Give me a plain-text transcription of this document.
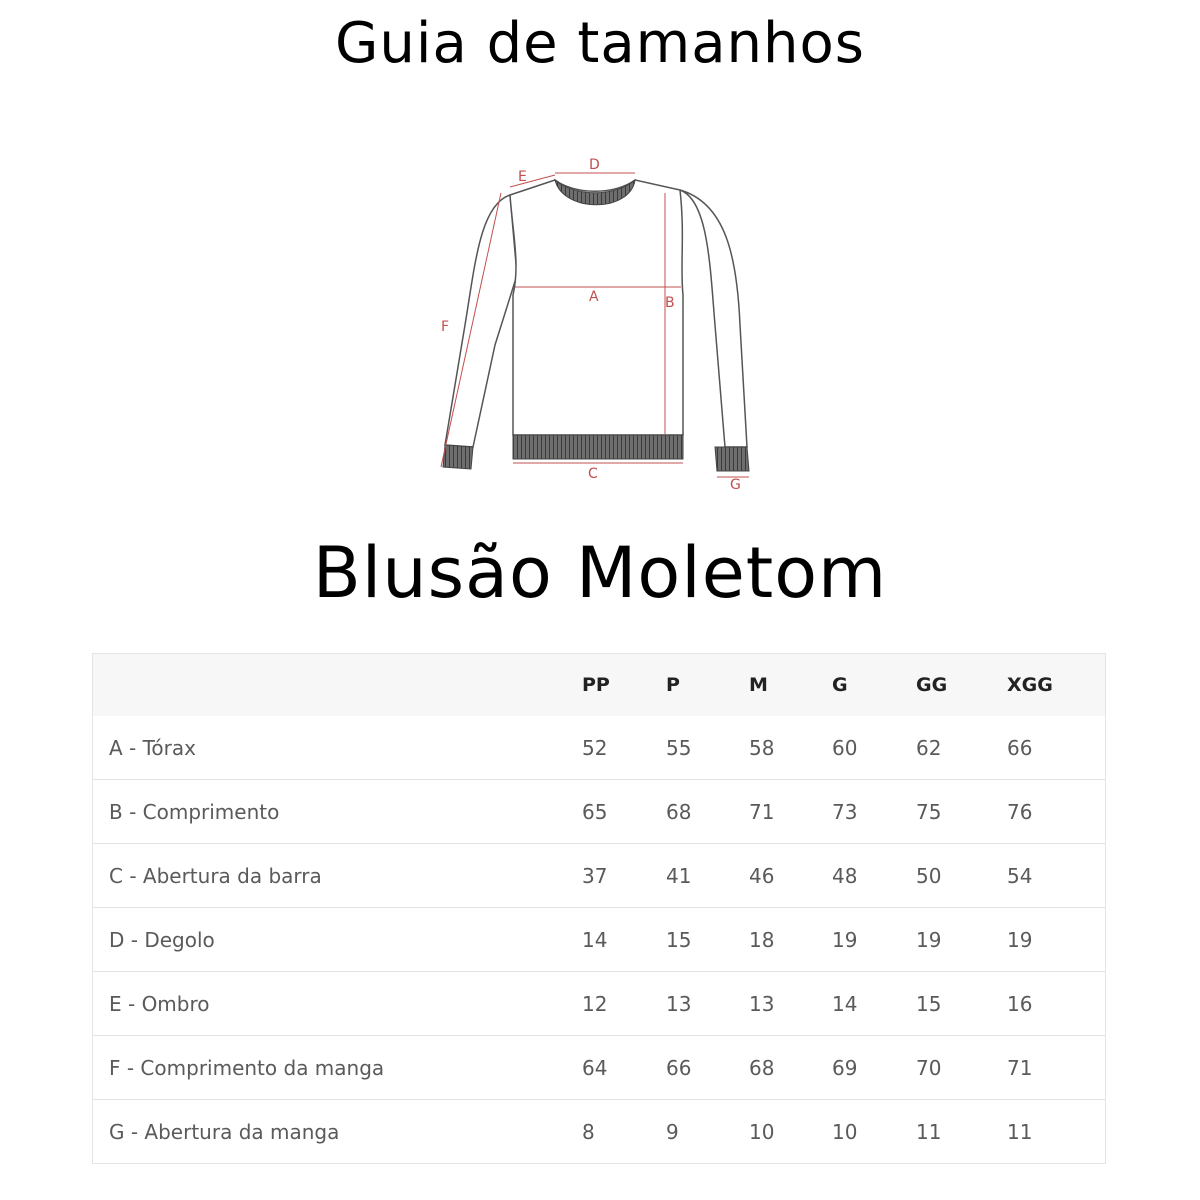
Guia de tamanhos
A	B
C
D
E
F
G
Blusão Moletom
PP	P	M	G	GG	XGG
A - Tórax	52	55	58	60	62	66
B - Comprimento	65	68	71	73	75	76
C - Abertura da barra	37	41	46	48	50	54
D - Degolo	14	15	18	19	19	19
E - Ombro	12	13	13	14	15	16
F - Comprimento da manga	64	66	68	69	70	71
G - Abertura da manga	8	9	10	10	11	11
